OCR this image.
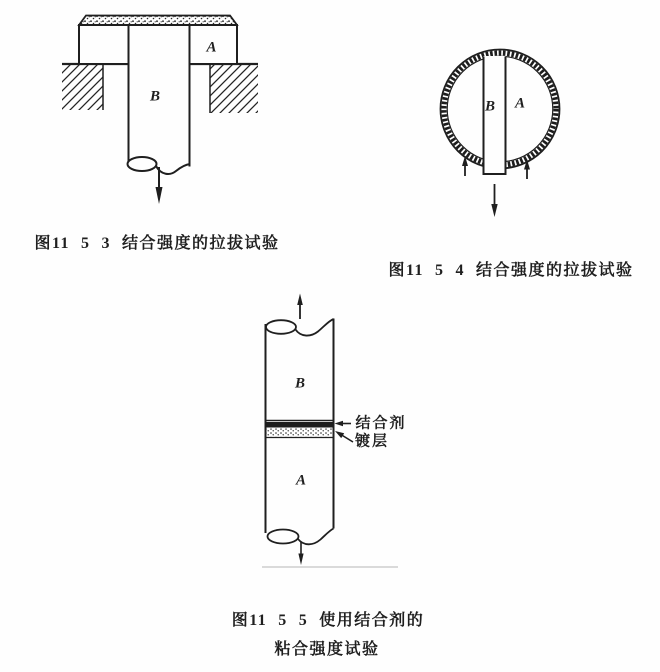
A
B
B A
B
A
结合剂
镀层
图11  5  3  结合强度的拉拔试验
图11  5  4  结合强度的拉拔试验
图11  5  5  使用结合剂的
粘合强度试验
